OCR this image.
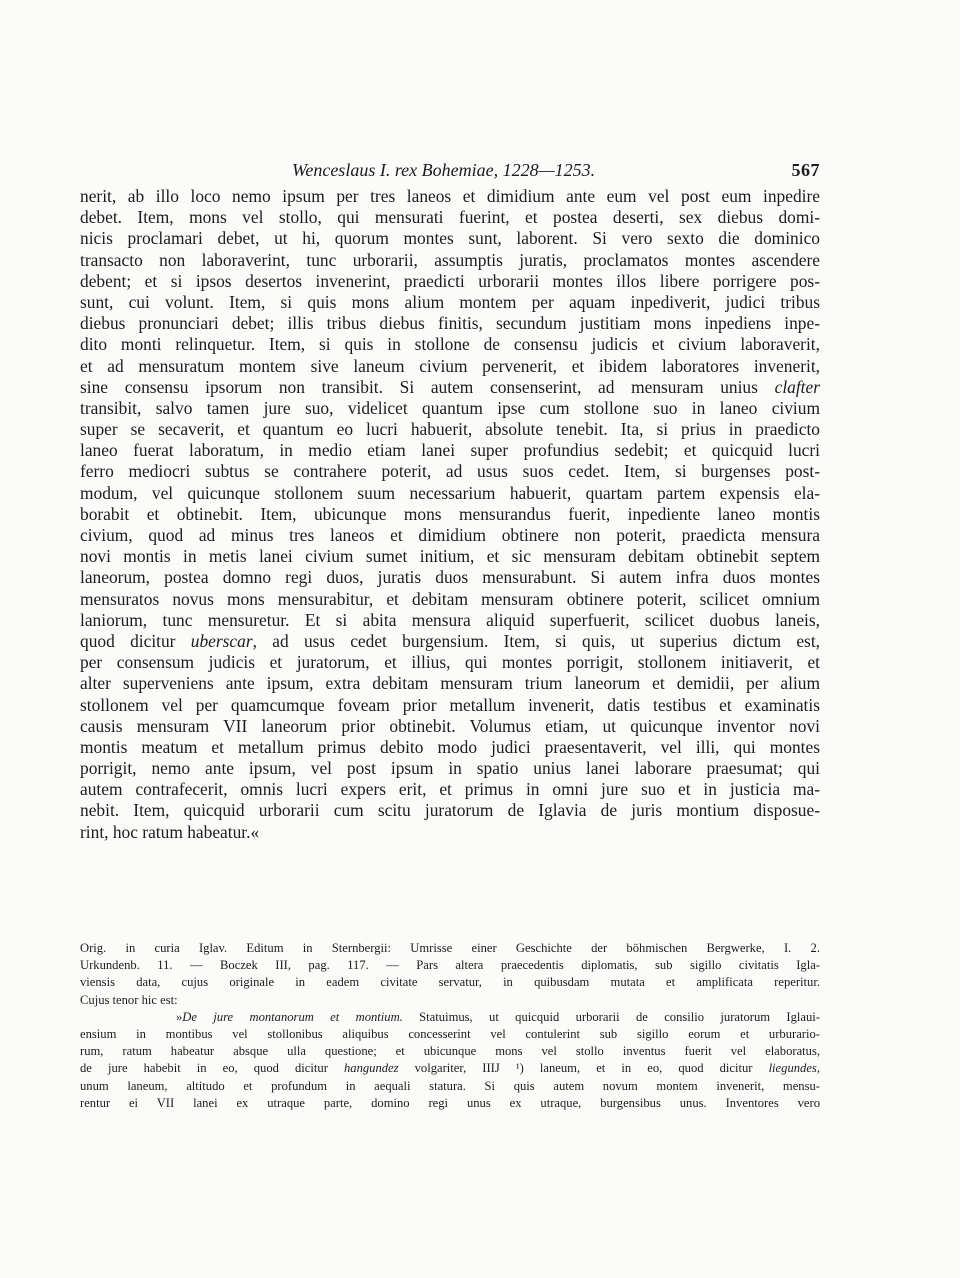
Wenceslaus I. rex Bohemiae, 1228—1253.	567
nerit, ab illo loco nemo ipsum per tres laneos et dimidium ante eum vel post eum inpedire
debet. Item, mons vel stollo, qui mensurati fuerint, et postea deserti, sex diebus domi-
nicis proclamari debet, ut hi, quorum montes sunt, laborent. Si vero sexto die dominico
transacto non laboraverint, tunc urborarii, assumptis juratis, proclamatos montes ascendere
debent; et si ipsos desertos invenerint, praedicti urborarii montes illos libere porrigere pos-
sunt, cui volunt. Item, si quis mons alium montem per aquam inpediverit, judici tribus
diebus pronunciari debet; illis tribus diebus finitis, secundum justitiam mons inpediens inpe-
dito monti relinquetur. Item, si quis in stollone de consensu judicis et civium laboraverit,
et ad mensuratum montem sive laneum civium pervenerit, et ibidem laboratores invenerit,
sine consensu ipsorum non transibit. Si autem consenserint, ad mensuram unius clafter
transibit, salvo tamen jure suo, videlicet quantum ipse cum stollone suo in laneo civium
super se secaverit, et quantum eo lucri habuerit, absolute tenebit. Ita, si prius in praedicto
laneo fuerat laboratum, in medio etiam lanei super profundius sedebit; et quicquid lucri
ferro mediocri subtus se contrahere poterit, ad usus suos cedet. Item, si burgenses post-
modum, vel quicunque stollonem suum necessarium habuerit, quartam partem expensis ela-
borabit et obtinebit. Item, ubicunque mons mensurandus fuerit, inpediente laneo montis
civium, quod ad minus tres laneos et dimidium obtinere non poterit, praedicta mensura
novi montis in metis lanei civium sumet initium, et sic mensuram debitam obtinebit septem
laneorum, postea domno regi duos, juratis duos mensurabunt. Si autem infra duos montes
mensuratos novus mons mensurabitur, et debitam mensuram obtinere poterit, scilicet omnium
laniorum, tunc mensuretur. Et si abita mensura aliquid superfuerit, scilicet duobus laneis,
quod dicitur uberscar, ad usus cedet burgensium. Item, si quis, ut superius dictum est,
per consensum judicis et juratorum, et illius, qui montes porrigit, stollonem initiaverit, et
alter superveniens ante ipsum, extra debitam mensuram trium laneorum et demidii, per alium
stollonem vel per quamcumque foveam prior metallum invenerit, datis testibus et examinatis
causis mensuram VII laneorum prior obtinebit. Volumus etiam, ut quicunque inventor novi
montis meatum et metallum primus debito modo judici praesentaverit, vel illi, qui montes
porrigit, nemo ante ipsum, vel post ipsum in spatio unius lanei laborare praesumat; qui
autem contrafecerit, omnis lucri expers erit, et primus in omni jure suo et in justicia ma-
nebit. Item, quicquid urborarii cum scitu juratorum de Iglavia de juris montium disposue-
rint, hoc ratum habeatur.«
Orig. in curia Iglav. Editum in Sternbergii: Umrisse einer Geschichte der böhmischen Bergwerke, I. 2.
Urkundenb. 11. — Boczek III, pag. 117. — Pars altera praecedentis diplomatis, sub sigillo civitatis Igla-
viensis data, cujus originale in eadem civitate servatur, in quibusdam mutata et amplificata reperitur.
Cujus tenor hic est:
»De jure montanorum et montium. Statuimus, ut quicquid urborarii de consilio juratorum Iglaui-
ensium in montibus vel stollonibus aliquibus concesserint vel contulerint sub sigillo eorum et urburario-
rum, ratum habeatur absque ulla questione; et ubicunque mons vel stollo inventus fuerit vel elaboratus,
de jure habebit in eo, quod dicitur hangundez volgariter, IIIJ ¹) laneum, et in eo, quod dicitur liegundes,
unum laneum, altitudo et profundum in aequali statura. Si quis autem novum montem invenerit, mensu-
rentur ei VII lanei ex utraque parte, domino regi unus ex utraque, burgensibus unus. Inventores vero
